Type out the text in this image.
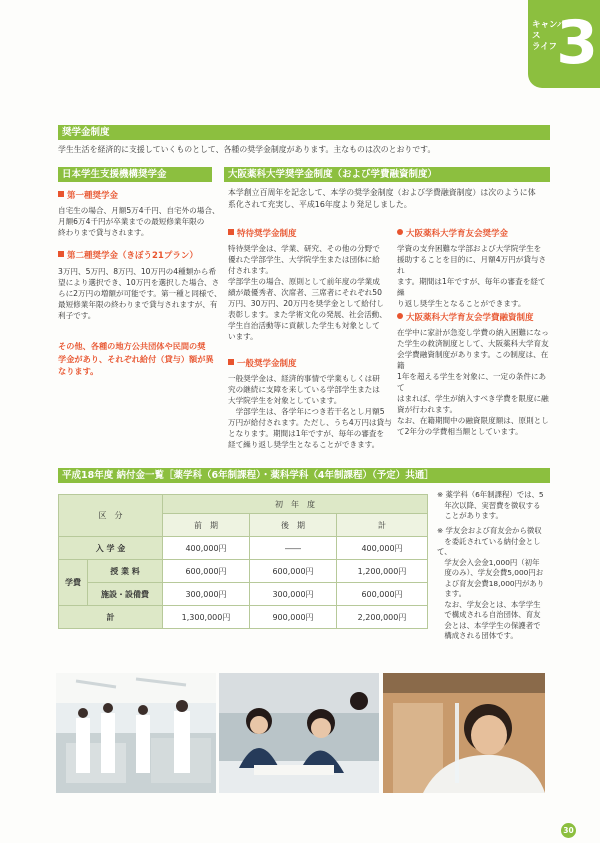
キャンパス
ライフ 3
奨学金制度
学生生活を経済的に支援していくものとして、各種の奨学金制度があります。主なものは次のとおりです。
日本学生支援機構奨学金
第一種奨学金
自宅生の場合、月額5万4千円、自宅外の場合、
月額6万4千円が卒業までの最短修業年限の
終わりまで貸与されます。
第二種奨学金（きぼう21プラン）
3万円、5万円、8万円、10万円の4種類から希
望により選択でき、10万円を選択した場合、さ
らに2万円の増額が可能です。第一種と同様で、
最短修業年限の終わりまで貸与されますが、有
利子です。
その他、各種の地方公共団体や民間の奨
学金があり、それぞれ給付（貸与）額が異
なります。
大阪薬科大学奨学金制度（および学費融資制度）
本学創立百周年を記念して、本学の奨学金制度（および学費融資制度）は次のように体
系化されて充実し、平成16年度より発足しました。
特待奨学金制度
特待奨学金は、学業、研究、その他の分野で
優れた学部学生、大学院学生または団体に給
付されます。
学部学生の場合、原則として前年度の学業成
績が最優秀者、次席者、三席者にそれぞれ50
万円、30万円、20万円を奨学金として給付し
表彰します。また学術文化の発展、社会活動、
学生自治活動等に貢献した学生も対象として
います。
一般奨学金制度
一般奨学金は、経済的事情で学業もしくは研
究の継続に支障を来している学部学生または
大学院学生を対象としています。
　学部学生は、各学年につき若干名とし月額5
万円が給付されます。ただし、うち4万円は貸与
となります。期間は1年ですが、毎年の審査を
経て繰り返し奨学生となることができます。
大阪薬科大学育友会奨学金
学資の支弁困難な学部および大学院学生を
援助することを目的に、月額4万円が貸与され
ます。期間は1年ですが、毎年の審査を経て繰
り返し奨学生となることができます。
大阪薬科大学育友会学費融資制度
在学中に家計が急変し学費の納入困難になっ
た学生の救済制度として、大阪薬科大学育友
会学費融資制度があります。この制度は、在籍
1年を超える学生を対象に、一定の条件にあて
はまれば、学生が納入すべき学費を限度に融
資が行われます。
なお、在籍期間中の融資限度額は、原則とし
て2年分の学費相当額としています。
平成18年度 納付金一覧［薬学科（6年制課程）・薬科学科（4年制課程）（予定）共通］
区　分		初　年　度		
		前　期	後　期	計
入 学 金		400,000円	――	400,000円
学費	授 業 料	600,000円	600,000円	1,200,000円
	施設・設備費	300,000円	300,000円	600,000円
計		1,300,000円	900,000円	2,200,000円
※ 薬学科（6年制課程）では、5
　年次以降、実習費を徴収する
　ことがあります。
※ 学友会および育友会から徴収
　を委託されている納付金として、
　学友会入会金1,000円（初年
　度のみ）、学友会費5,000円お
　よび育友会費18,000円があり
　ます。
　なお、学友会とは、本学学生
　で構成される自治団体、育友
　会とは、本学学生の保護者で
　構成される団体です。
30
